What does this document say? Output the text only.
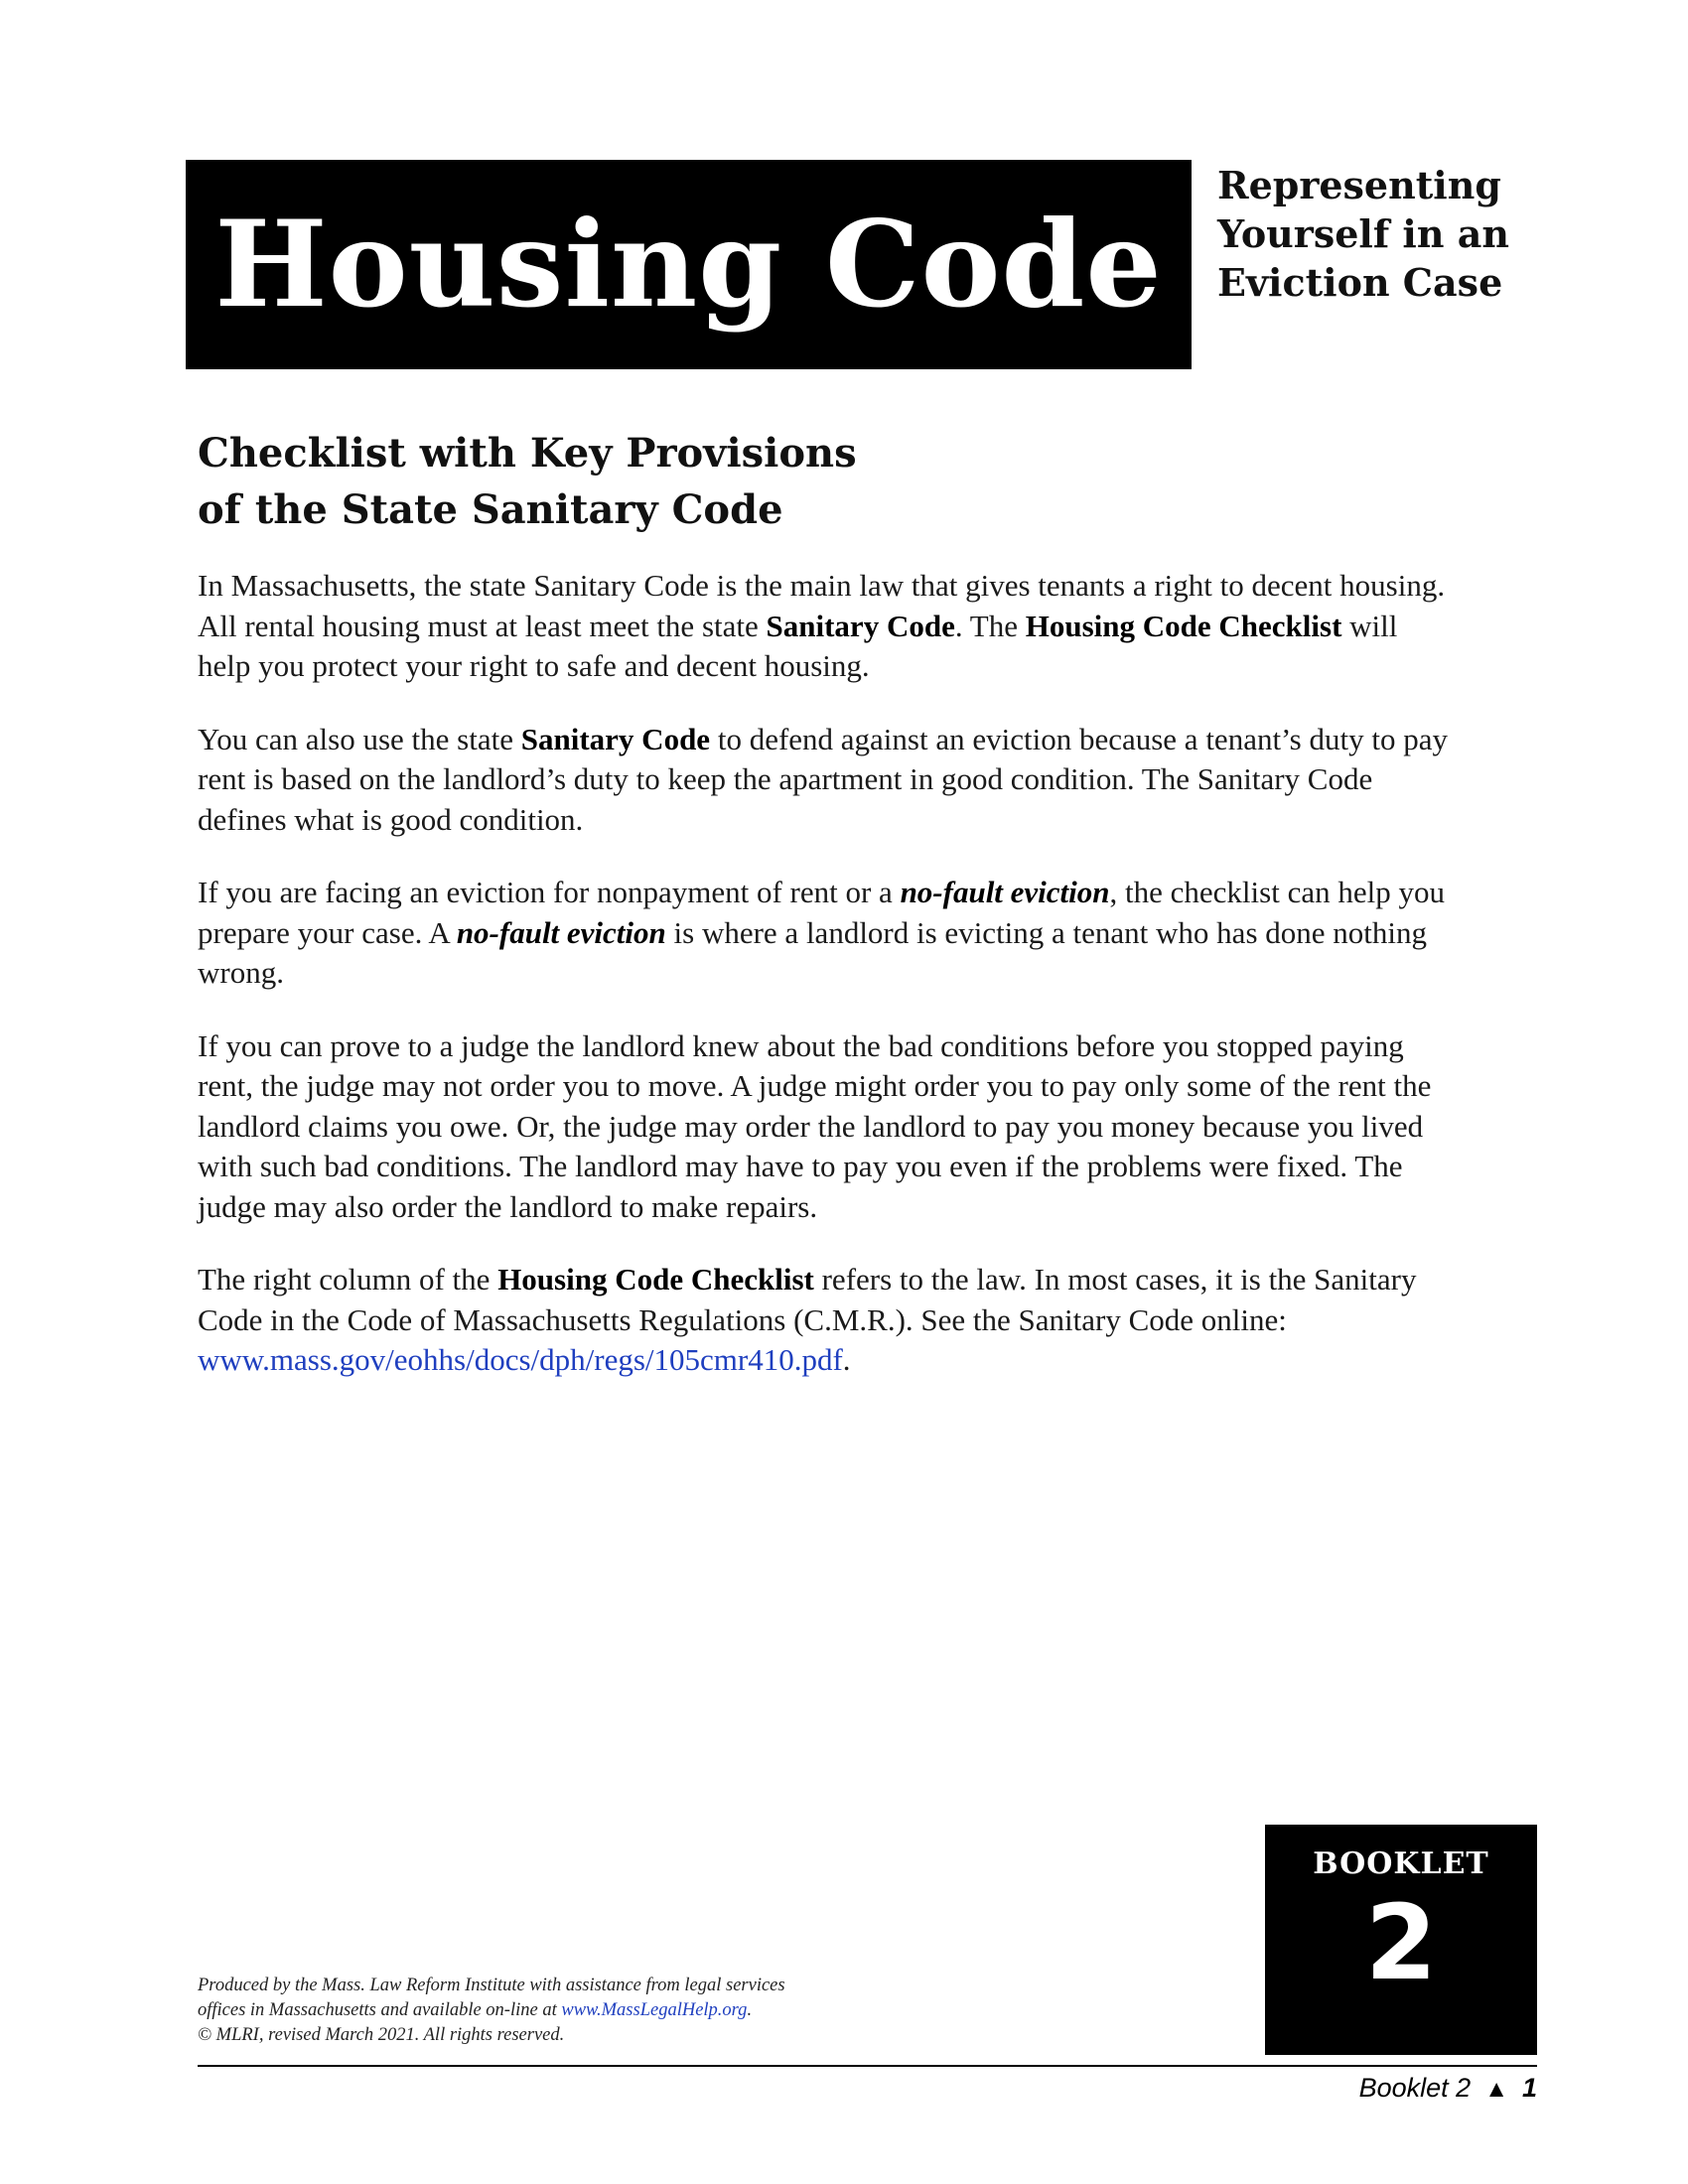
Housing Code
Representing
Yourself in an
Eviction Case
Checklist with Key Provisions
of the State Sanitary Code

In Massachusetts, the state Sanitary Code is the main law that gives tenants a right to decent housing. All rental housing must at least meet the state Sanitary Code. The Housing Code Checklist will help you protect your right to safe and decent housing.

You can also use the state Sanitary Code to defend against an eviction because a tenant’s duty to pay rent is based on the landlord’s duty to keep the apartment in good condition. The Sanitary Code defines what is good condition.

If you are facing an eviction for nonpayment of rent or a no-fault eviction, the checklist can help you prepare your case. A no-fault eviction is where a landlord is evicting a tenant who has done nothing wrong.

If you can prove to a judge the landlord knew about the bad conditions before you stopped paying rent, the judge may not order you to move. A judge might order you to pay only some of the rent the landlord claims you owe. Or, the judge may order the landlord to pay you money because you lived with such bad conditions. The landlord may have to pay you even if the problems were fixed. The judge may also order the landlord to make repairs.

The right column of the Housing Code Checklist refers to the law. In most cases, it is the Sanitary Code in the Code of Massachusetts Regulations (C.M.R.). See the Sanitary Code online: www.mass.gov/eohhs/docs/dph/regs/105cmr410.pdf.

BOOKLET
2
Produced by the Mass. Law Reform Institute with assistance from legal services
offices in Massachusetts and available on-line at www.MassLegalHelp.org.
© MLRI, revised March 2021. All rights reserved.
Booklet 2 ▲ 1
